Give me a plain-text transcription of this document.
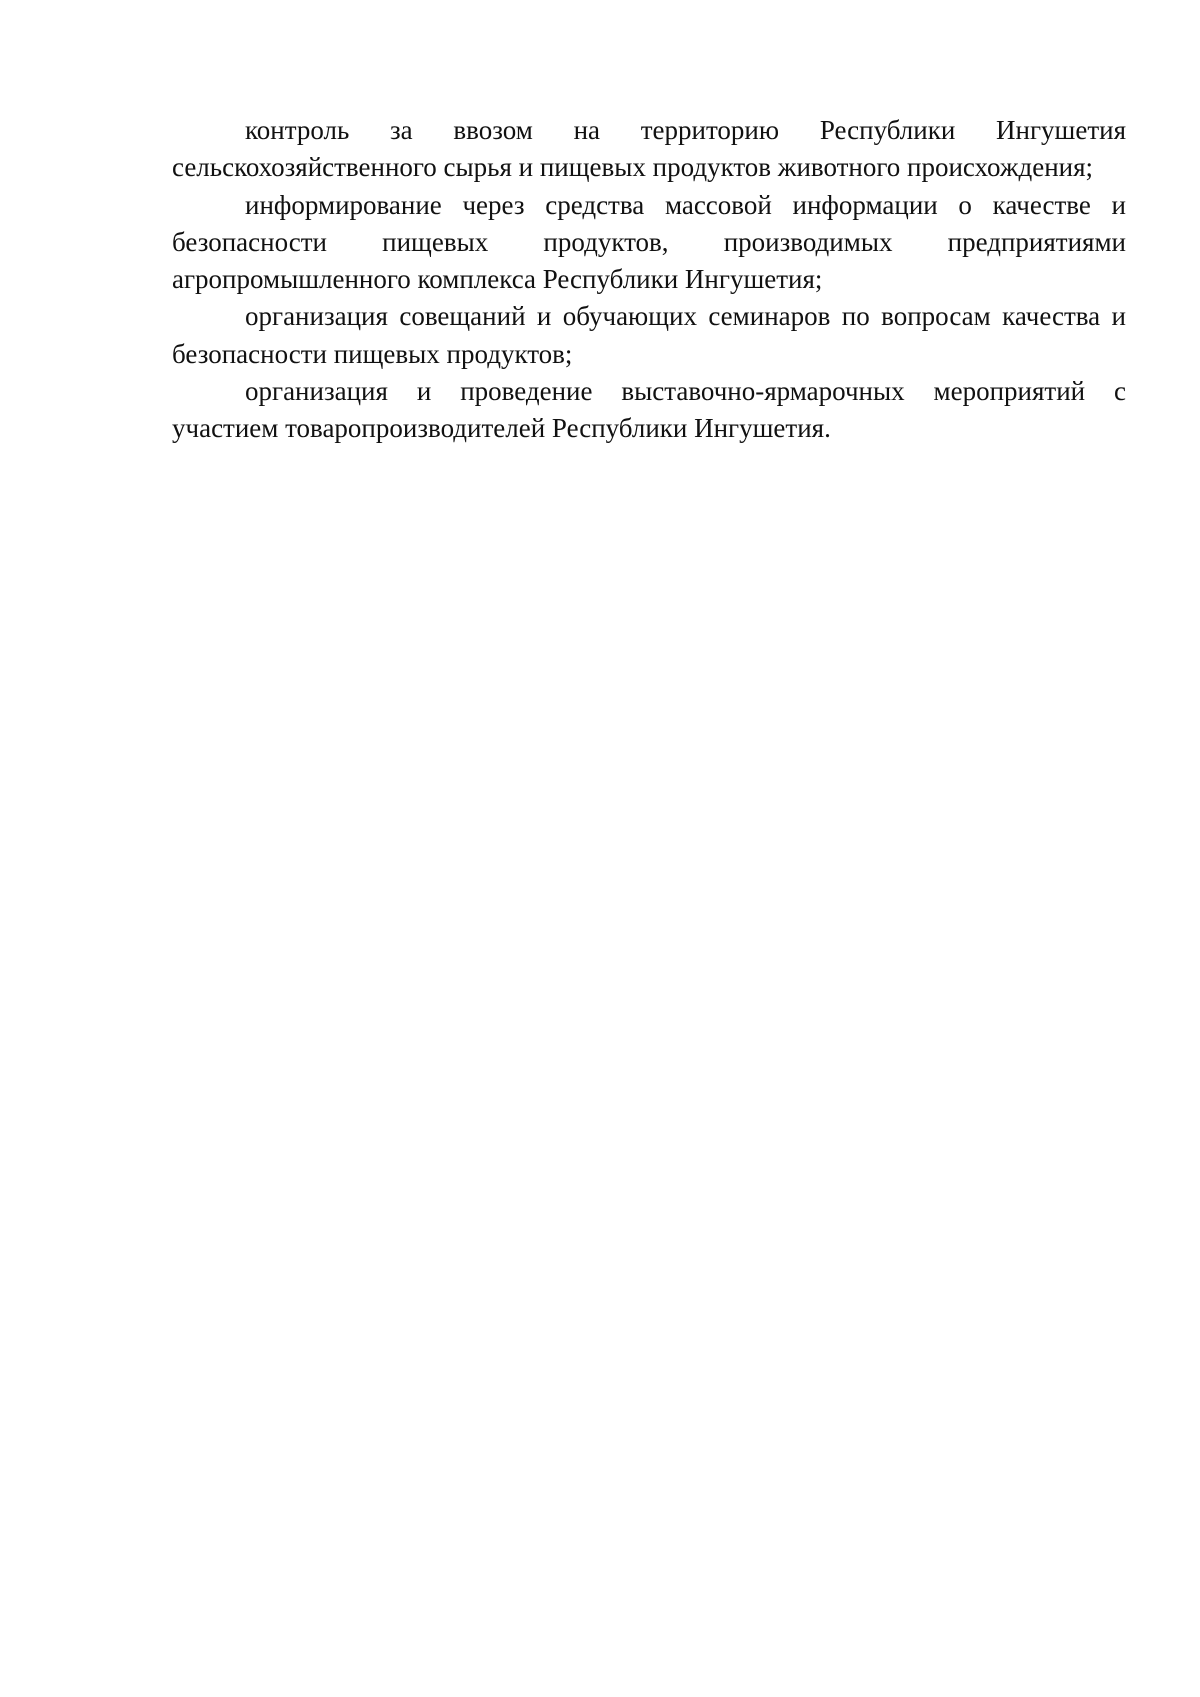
контроль за ввозом на территорию Республики Ингушетия сельскохозяйственного сырья и пищевых продуктов животного происхождения;

информирование через средства массовой информации о качестве и безопасности пищевых продуктов, производимых предприятиями агропромышленного комплекса Республики Ингушетия;

организация совещаний и обучающих семинаров по вопросам качества и безопасности пищевых продуктов;

организация и проведение выставочно-ярмарочных мероприятий с участием товаропроизводителей Республики Ингушетия.
